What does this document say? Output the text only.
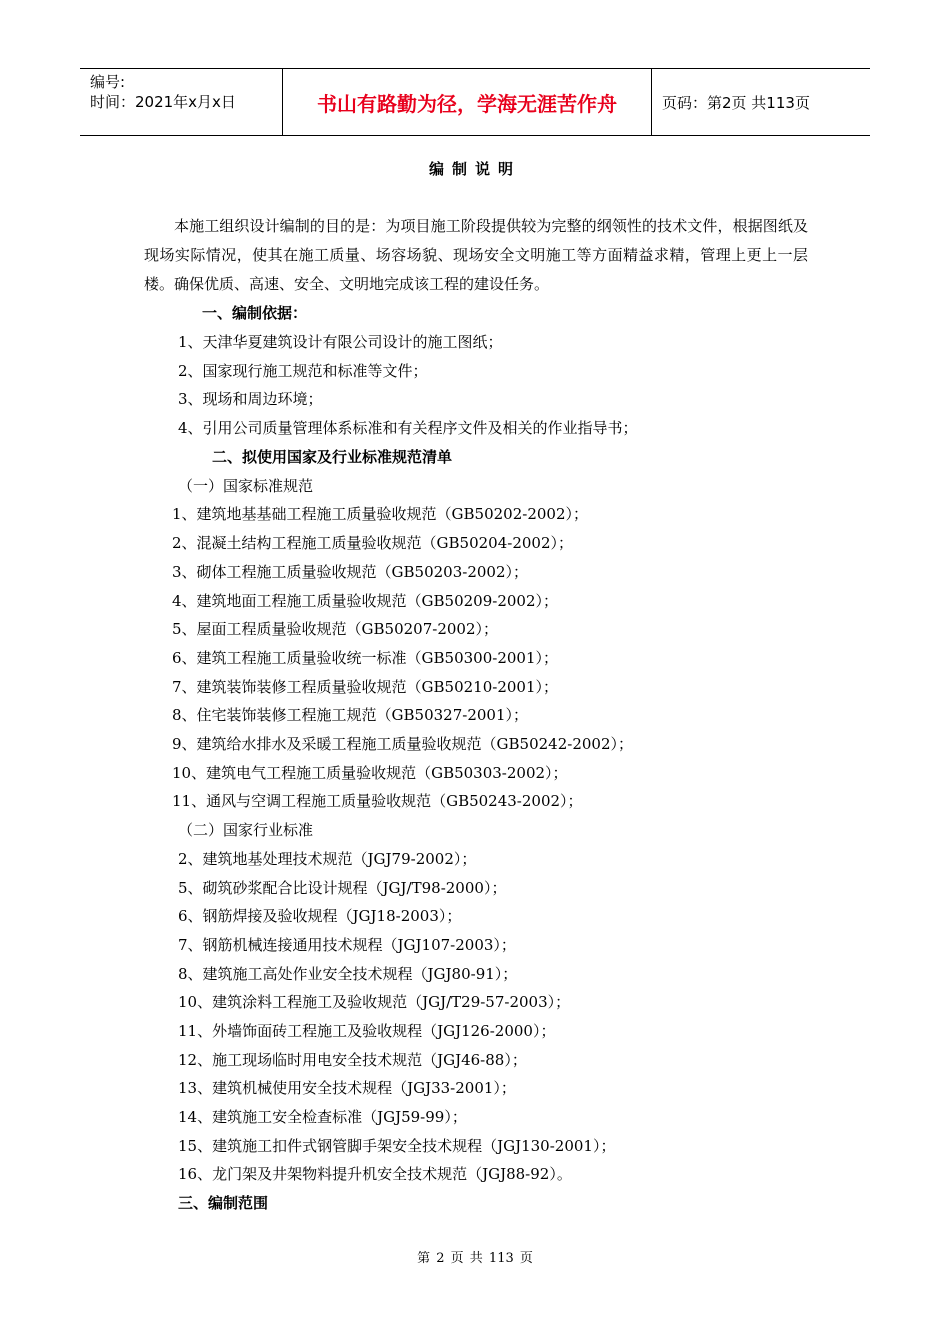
编号:
时间：2021年x月x日	书山有路勤为径，学海无涯苦作舟	页码：第2页 共113页
编制说明

本施工组织设计编制的目的是：为项目施工阶段提供较为完整的纲领性的技术文件，根据图纸及现场实际情况，使其在施工质量、场容场貌、现场安全文明施工等方面精益求精，管理上更上一层楼。确保优质、高速、安全、文明地完成该工程的建设任务。

一、编制依据：
1、天津华夏建筑设计有限公司设计的施工图纸；
2、国家现行施工规范和标准等文件；
3、现场和周边环境；
4、引用公司质量管理体系标准和有关程序文件及相关的作业指导书；
二、拟使用国家及行业标准规范清单
（一）国家标准规范
1、建筑地基基础工程施工质量验收规范（GB50202-2002）；
2、混凝土结构工程施工质量验收规范（GB50204-2002）；
3、砌体工程施工质量验收规范（GB50203-2002）；
4、建筑地面工程施工质量验收规范（GB50209-2002）；
5、屋面工程质量验收规范（GB50207-2002）；
6、建筑工程施工质量验收统一标准（GB50300-2001）；
7、建筑装饰装修工程质量验收规范（GB50210-2001）；
8、住宅装饰装修工程施工规范（GB50327-2001）；
9、建筑给水排水及采暖工程施工质量验收规范（GB50242-2002）；
10、建筑电气工程施工质量验收规范（GB50303-2002）；
11、通风与空调工程施工质量验收规范（GB50243-2002）；
（二）国家行业标准
2、建筑地基处理技术规范（JGJ79-2002）；
5、砌筑砂浆配合比设计规程（JGJ/T98-2000）；
6、钢筋焊接及验收规程（JGJ18-2003）；
7、钢筋机械连接通用技术规程（JGJ107-2003）；
8、建筑施工高处作业安全技术规程（JGJ80-91）；
10、建筑涂料工程施工及验收规范（JGJ/T29-57-2003）；
11、外墙饰面砖工程施工及验收规程（JGJ126-2000）；
12、施工现场临时用电安全技术规范（JGJ46-88）；
13、建筑机械使用安全技术规程（JGJ33-2001）；
14、建筑施工安全检查标准（JGJ59-99）；
15、建筑施工扣件式钢管脚手架安全技术规程（JGJ130-2001）；
16、龙门架及井架物料提升机安全技术规范（JGJ88-92）。
三、编制范围
第 2 页 共 113 页
